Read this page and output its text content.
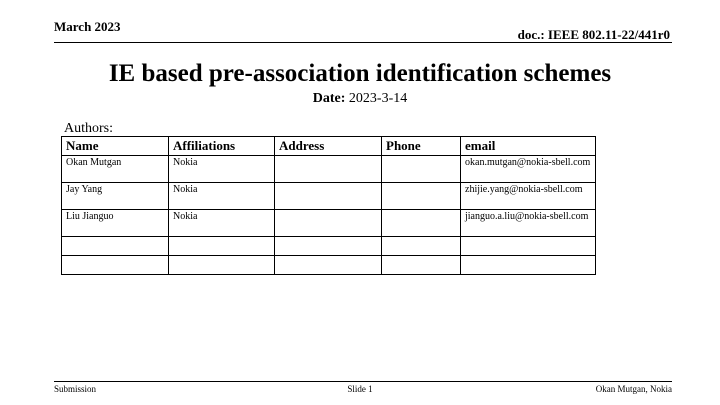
March 2023
doc.: IEEE 802.11-22/441r0
IE based pre-association identification schemes
Date: 2023-3-14
Authors:
Name	Affiliations	Address	Phone	email
Okan Mutgan	Nokia			okan.mutgan@nokia-sbell.com
Jay Yang	Nokia			zhijie.yang@nokia-sbell.com
Liu Jianguo	Nokia			jianguo.a.liu@nokia-sbell.com

Submission	Slide 1	Okan Mutgan, Nokia
